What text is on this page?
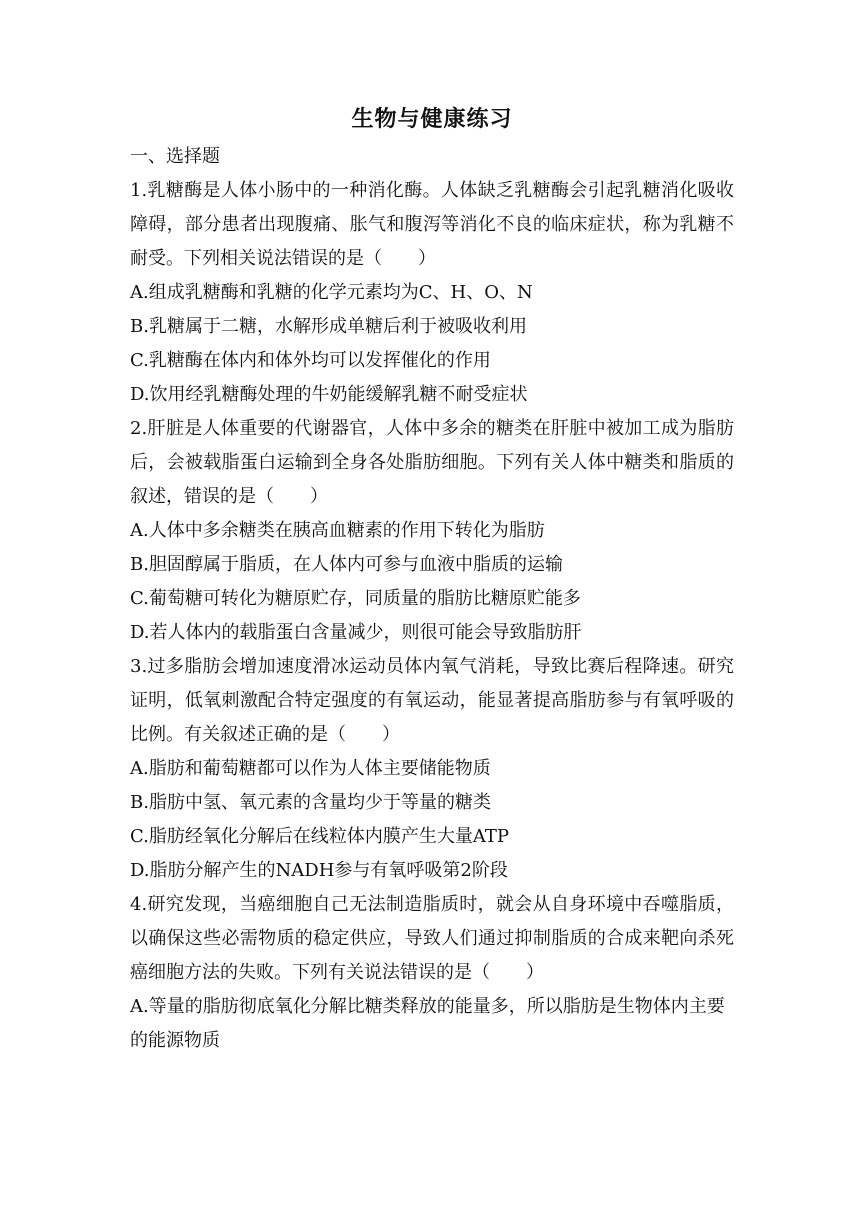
生物与健康练习
一、选择题
1.乳糖酶是人体小肠中的一种消化酶。人体缺乏乳糖酶会引起乳糖消化吸收障碍，部分患者出现腹痛、胀气和腹泻等消化不良的临床症状，称为乳糖不耐受。下列相关说法错误的是（　　）
A.组成乳糖酶和乳糖的化学元素均为C、H、O、N
B.乳糖属于二糖，水解形成单糖后利于被吸收利用
C.乳糖酶在体内和体外均可以发挥催化的作用
D.饮用经乳糖酶处理的牛奶能缓解乳糖不耐受症状
2.肝脏是人体重要的代谢器官，人体中多余的糖类在肝脏中被加工成为脂肪后，会被载脂蛋白运输到全身各处脂肪细胞。下列有关人体中糖类和脂质的叙述，错误的是（　　）
A.人体中多余糖类在胰高血糖素的作用下转化为脂肪
B.胆固醇属于脂质，在人体内可参与血液中脂质的运输
C.葡萄糖可转化为糖原贮存，同质量的脂肪比糖原贮能多
D.若人体内的载脂蛋白含量减少，则很可能会导致脂肪肝
3.过多脂肪会增加速度滑冰运动员体内氧气消耗，导致比赛后程降速。研究证明，低氧刺激配合特定强度的有氧运动，能显著提高脂肪参与有氧呼吸的比例。有关叙述正确的是（　　）
A.脂肪和葡萄糖都可以作为人体主要储能物质
B.脂肪中氢、氧元素的含量均少于等量的糖类
C.脂肪经氧化分解后在线粒体内膜产生大量ATP
D.脂肪分解产生的NADH参与有氧呼吸第2阶段
4.研究发现，当癌细胞自己无法制造脂质时，就会从自身环境中吞噬脂质，以确保这些必需物质的稳定供应，导致人们通过抑制脂质的合成来靶向杀死癌细胞方法的失败。下列有关说法错误的是（　　）
A.等量的脂肪彻底氧化分解比糖类释放的能量多，所以脂肪是生物体内主要的能源物质
